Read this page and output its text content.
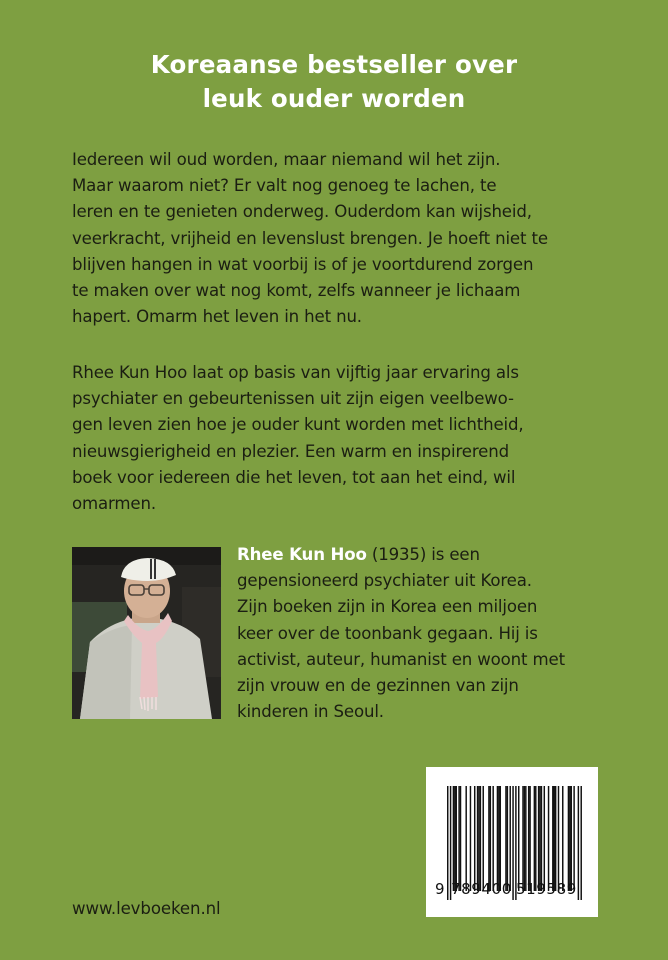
Koreaanse bestseller over
leuk ouder worden
Iedereen wil oud worden, maar niemand wil het zijn.
Maar waarom niet? Er valt nog genoeg te lachen, te
leren en te genieten onderweg. Ouderdom kan wijsheid,
veerkracht, vrijheid en levenslust brengen. Je hoeft niet te
blijven hangen in wat voorbij is of je voortdurend zorgen
te maken over wat nog komt, zelfs wanneer je lichaam
hapert. Omarm het leven in het nu.
Rhee Kun Hoo laat op basis van vijftig jaar ervaring als
psychiater en gebeurtenissen uit zijn eigen veelbewo-
gen leven zien hoe je ouder kunt worden met lichtheid,
nieuwsgierigheid en plezier. Een warm en inspirerend
boek voor iedereen die het leven, tot aan het eind, wil
omarmen.
Rhee Kun Hoo (1935) is een
gepensioneerd psychiater uit Korea.
Zijn boeken zijn in Korea een miljoen
keer over de toonbank gegaan. Hij is
activist, auteur, humanist en woont met
zijn vrouw en de gezinnen van zijn
kinderen in Seoul.
9 789400 519589
www.levboeken.nl
